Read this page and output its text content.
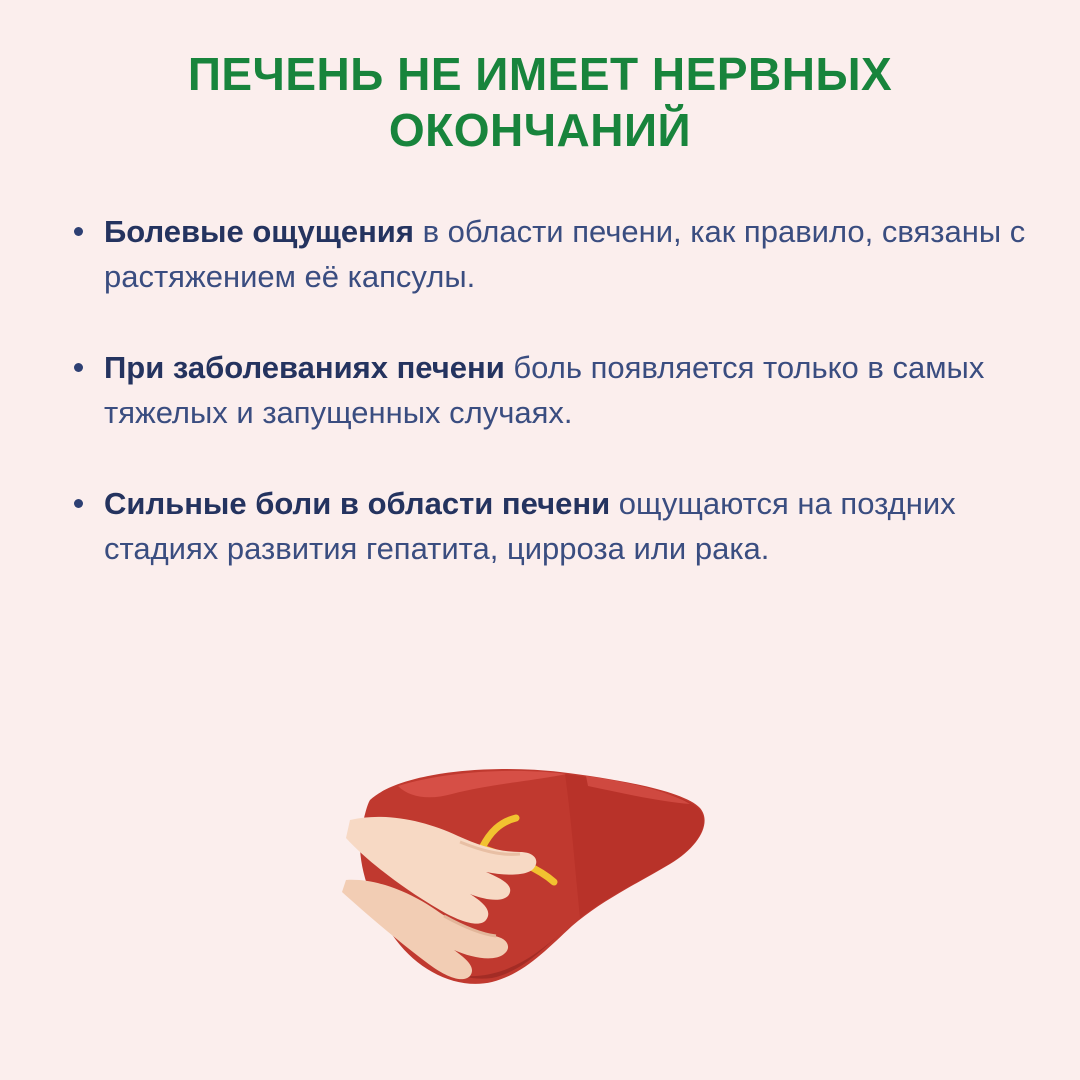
ПЕЧЕНЬ НЕ ИМЕЕТ НЕРВНЫХ ОКОНЧАНИЙ
Болевые ощущения в области печени, как правило, связаны с растяжением её капсулы.
При заболеваниях печени боль появляется только в самых тяжелых и запущенных случаях.
Сильные боли в области печени ощущаются на поздних стадиях развития гепатита, цирроза или рака.
